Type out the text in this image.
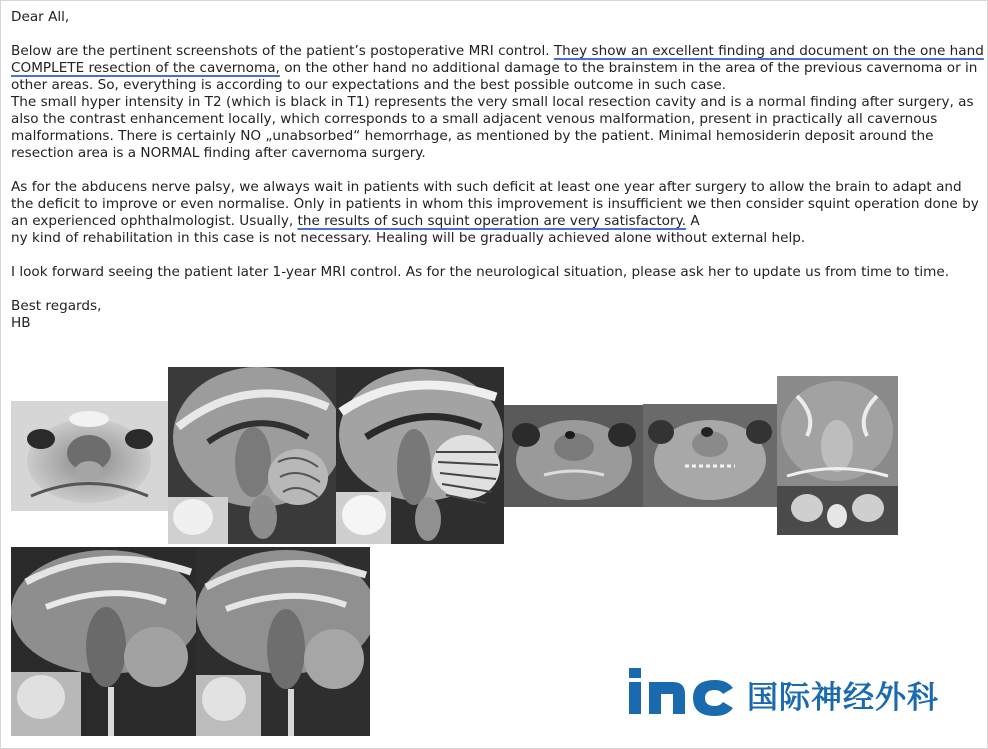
Dear All,

Below are the pertinent screenshots of the patient’s postoperative MRI control. They show an excellent finding and document on the one hand COMPLETE resection of the cavernoma, on the other hand no additional damage to the brainstem in the area of the previous cavernoma or in other areas. So, everything is according to our expectations and the best possible outcome in such case.

The small hyper intensity in T2 (which is black in T1) represents the very small local resection cavity and is a normal finding after surgery, as also the contrast enhancement locally, which corresponds to a small adjacent venous malformation, present in practically all cavernous malformations. There is certainly NO „unabsorbed“ hemorrhage, as mentioned by the patient. Minimal hemosiderin deposit around the resection area is a NORMAL finding after cavernoma surgery.

As for the abducens nerve palsy, we always wait in patients with such deficit at least one year after surgery to allow the brain to adapt and the deficit to improve or even normalise. Only in patients in whom this improvement is insufficient we then consider squint operation done by an experienced ophthalmologist. Usually, the results of such squint operation are very satisfactory. A

ny kind of rehabilitation in this case is not necessary. Healing will be gradually achieved alone without external help.

I look forward seeing the patient later 1-year MRI control. As for the neurological situation, please ask her to update us from time to time.

Best regards,

HB

国际神经外科
